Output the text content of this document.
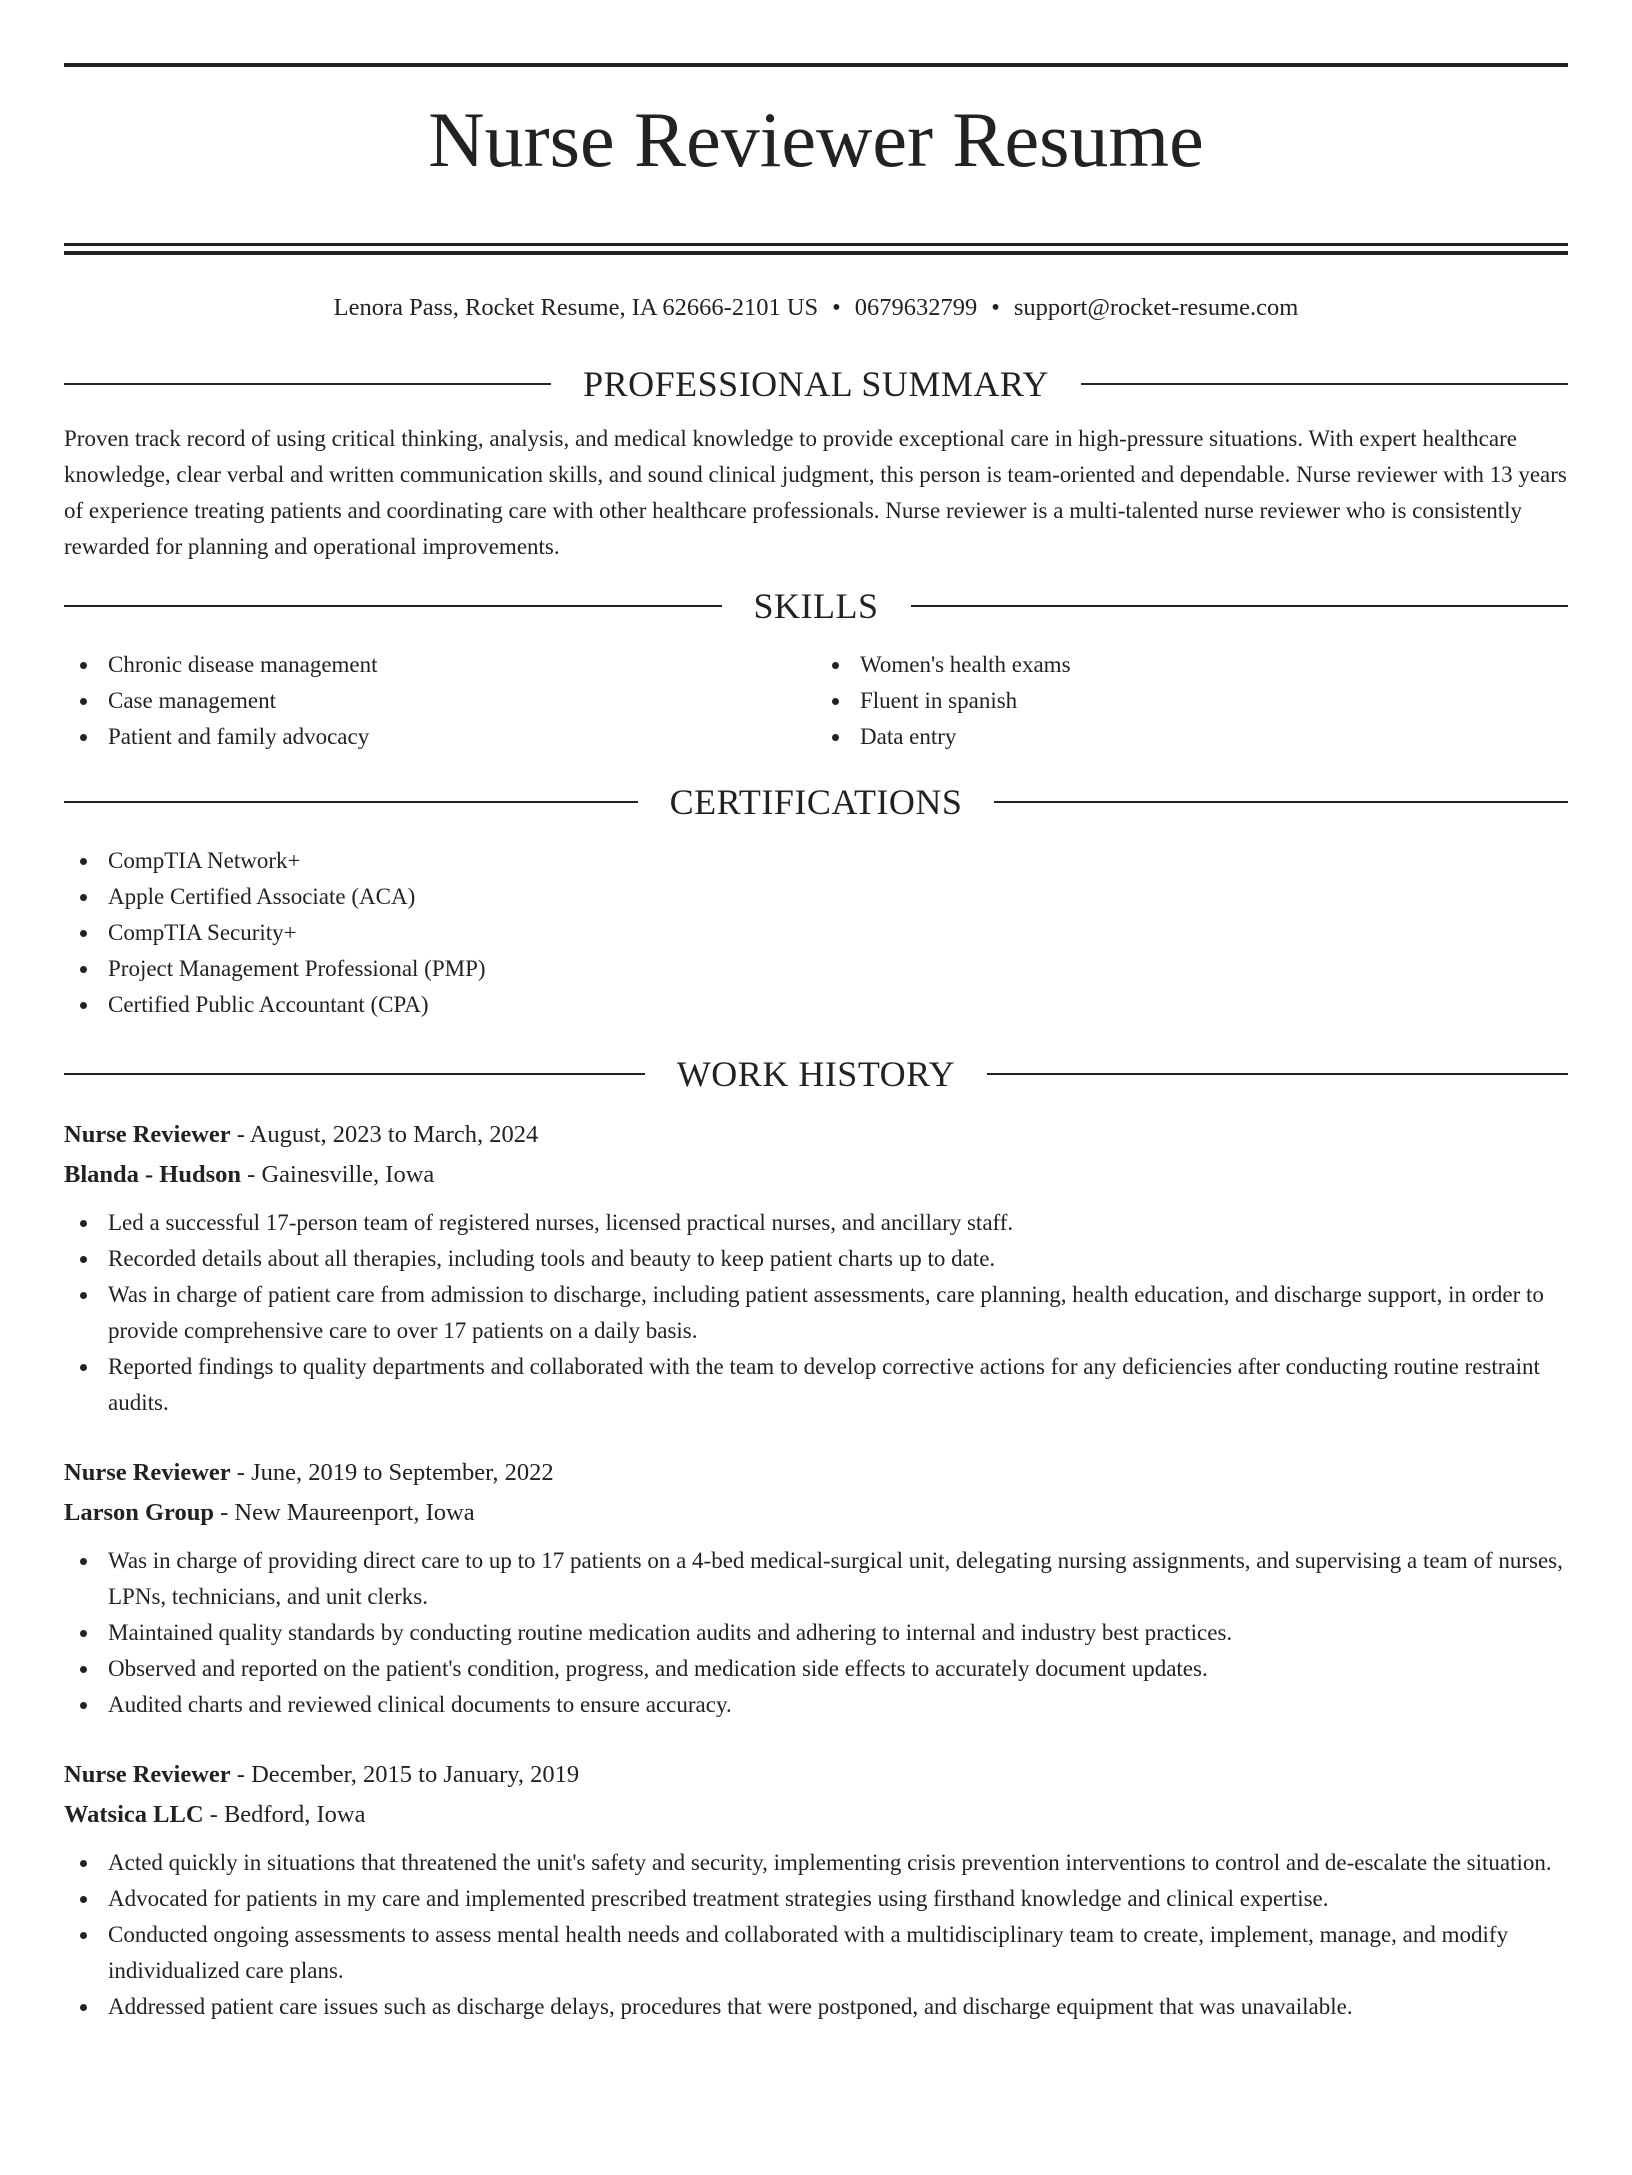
Nurse Reviewer Resume
Lenora Pass, Rocket Resume, IA 62666-2101 US • 0679632799 • support@rocket-resume.com
PROFESSIONAL SUMMARY

Proven track record of using critical thinking, analysis, and medical knowledge to provide exceptional care in high-pressure situations. With expert healthcare knowledge, clear verbal and written communication skills, and sound clinical judgment, this person is team-oriented and dependable. Nurse reviewer with 13 years of experience treating patients and coordinating care with other healthcare professionals. Nurse reviewer is a multi-talented nurse reviewer who is consistently rewarded for planning and operational improvements.

SKILLS
Chronic disease management
Case management
Patient and family advocacy
Women's health exams
Fluent in spanish
Data entry
CERTIFICATIONS
CompTIA Network+
Apple Certified Associate (ACA)
CompTIA Security+
Project Management Professional (PMP)
Certified Public Accountant (CPA)
WORK HISTORY
Nurse Reviewer - August, 2023 to March, 2024
Blanda - Hudson - Gainesville, Iowa
Led a successful 17-person team of registered nurses, licensed practical nurses, and ancillary staff.
Recorded details about all therapies, including tools and beauty to keep patient charts up to date.
Was in charge of patient care from admission to discharge, including patient assessments, care planning, health education, and discharge support, in order to provide comprehensive care to over 17 patients on a daily basis.
Reported findings to quality departments and collaborated with the team to develop corrective actions for any deficiencies after conducting routine restraint audits.
Nurse Reviewer - June, 2019 to September, 2022
Larson Group - New Maureenport, Iowa
Was in charge of providing direct care to up to 17 patients on a 4-bed medical-surgical unit, delegating nursing assignments, and supervising a team of nurses, LPNs, technicians, and unit clerks.
Maintained quality standards by conducting routine medication audits and adhering to internal and industry best practices.
Observed and reported on the patient's condition, progress, and medication side effects to accurately document updates.
Audited charts and reviewed clinical documents to ensure accuracy.
Nurse Reviewer - December, 2015 to January, 2019
Watsica LLC - Bedford, Iowa
Acted quickly in situations that threatened the unit's safety and security, implementing crisis prevention interventions to control and de-escalate the situation.
Advocated for patients in my care and implemented prescribed treatment strategies using firsthand knowledge and clinical expertise.
Conducted ongoing assessments to assess mental health needs and collaborated with a multidisciplinary team to create, implement, manage, and modify individualized care plans.
Addressed patient care issues such as discharge delays, procedures that were postponed, and discharge equipment that was unavailable.
